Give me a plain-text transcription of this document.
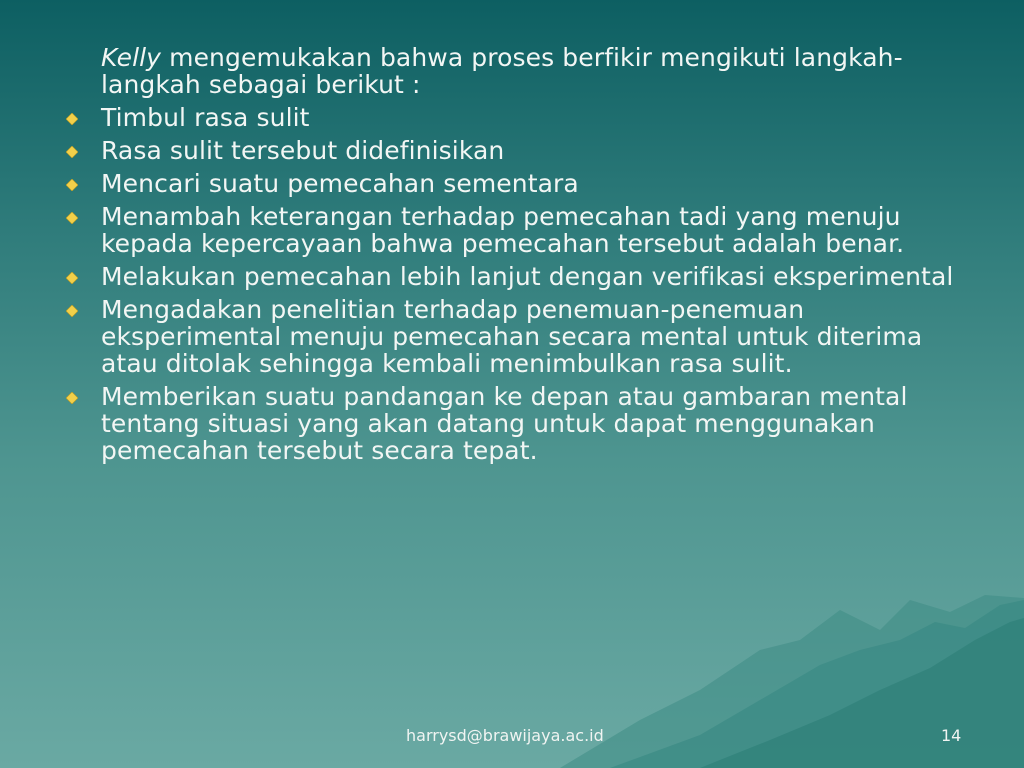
Kelly mengemukakan bahwa proses berfikir mengikuti langkah-langkah sebagai berikut :
Timbul rasa sulit
Rasa sulit tersebut didefinisikan
Mencari suatu pemecahan sementara
Menambah keterangan terhadap pemecahan tadi yang menuju kepada kepercayaan bahwa pemecahan tersebut adalah benar.
Melakukan pemecahan lebih lanjut dengan verifikasi eksperimental
Mengadakan penelitian terhadap penemuan-penemuan eksperimental menuju pemecahan secara mental untuk diterima atau ditolak sehingga kembali menimbulkan rasa sulit.
Memberikan suatu pandangan ke depan atau gambaran mental tentang situasi yang akan datang untuk dapat menggunakan pemecahan tersebut secara tepat.
harrysd@brawijaya.ac.id	14
